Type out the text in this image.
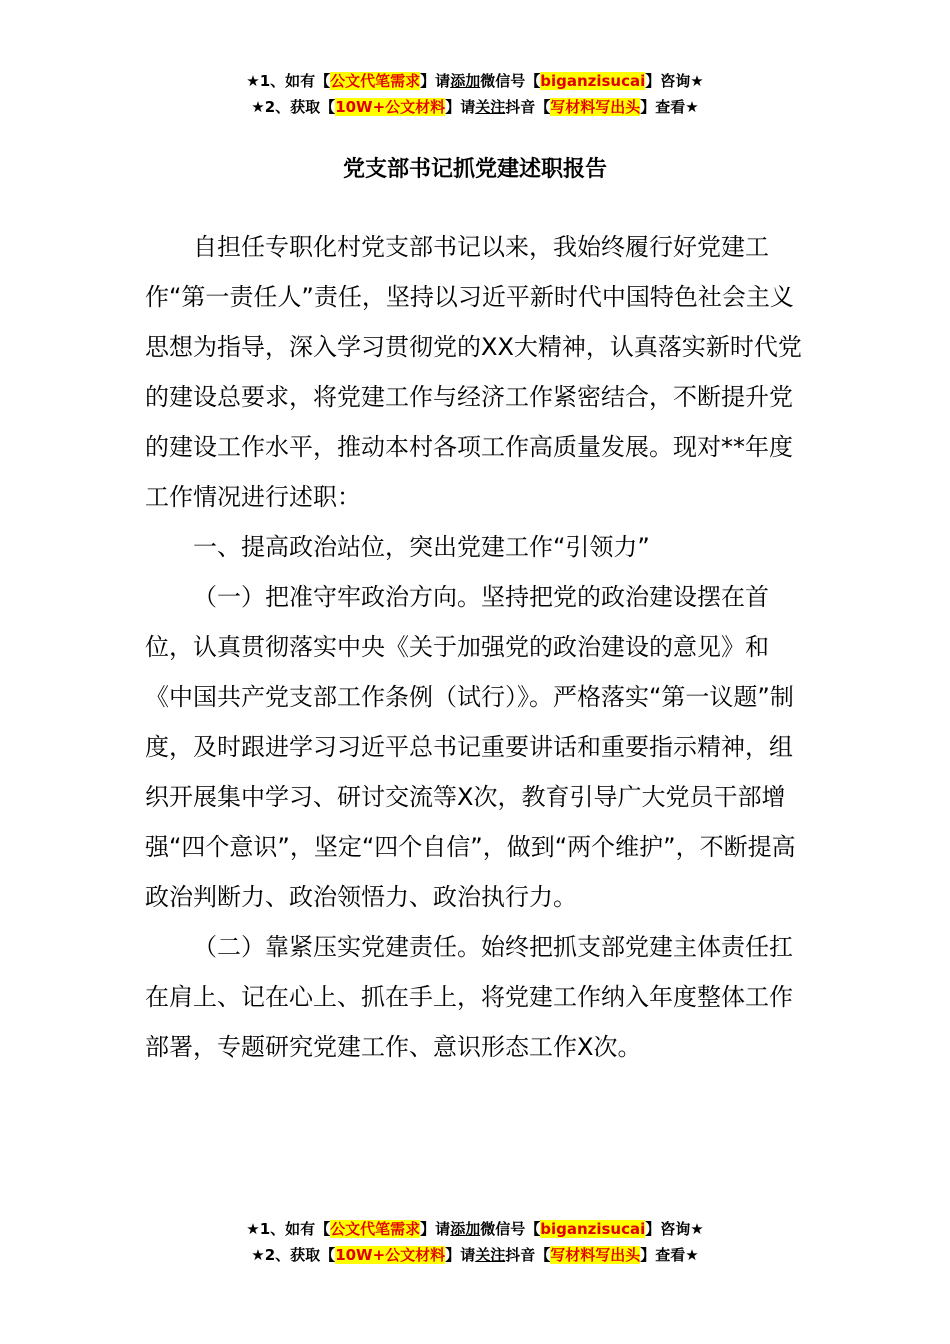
★1、如有【公文代笔需求】请添加微信号【biganzisucai】咨询★
★2、获取【10W+公文材料】请关注抖音【写材料写出头】查看★
党支部书记抓党建述职报告

自担任专职化村党支部书记以来，我始终履行好党建工作“第一责任人”责任，坚持以习近平新时代中国特色社会主义思想为指导，深入学习贯彻党的XX大精神，认真落实新时代党的建设总要求，将党建工作与经济工作紧密结合，不断提升党的建设工作水平，推动本村各项工作高质量发展。现对**年度工作情况进行述职：

一、提高政治站位，突出党建工作“引领力”

（一）把准守牢政治方向。坚持把党的政治建设摆在首位，认真贯彻落实中央《关于加强党的政治建设的意见》和《中国共产党支部工作条例（试行）》。严格落实“第一议题”制度，及时跟进学习习近平总书记重要讲话和重要指示精神，组织开展集中学习、研讨交流等X次，教育引导广大党员干部增强“四个意识”，坚定“四个自信”，做到“两个维护”，不断提高政治判断力、政治领悟力、政治执行力。

（二）靠紧压实党建责任。始终把抓支部党建主体责任扛在肩上、记在心上、抓在手上，将党建工作纳入年度整体工作部署，专题研究党建工作、意识形态工作X次。

★1、如有【公文代笔需求】请添加微信号【biganzisucai】咨询★
★2、获取【10W+公文材料】请关注抖音【写材料写出头】查看★
